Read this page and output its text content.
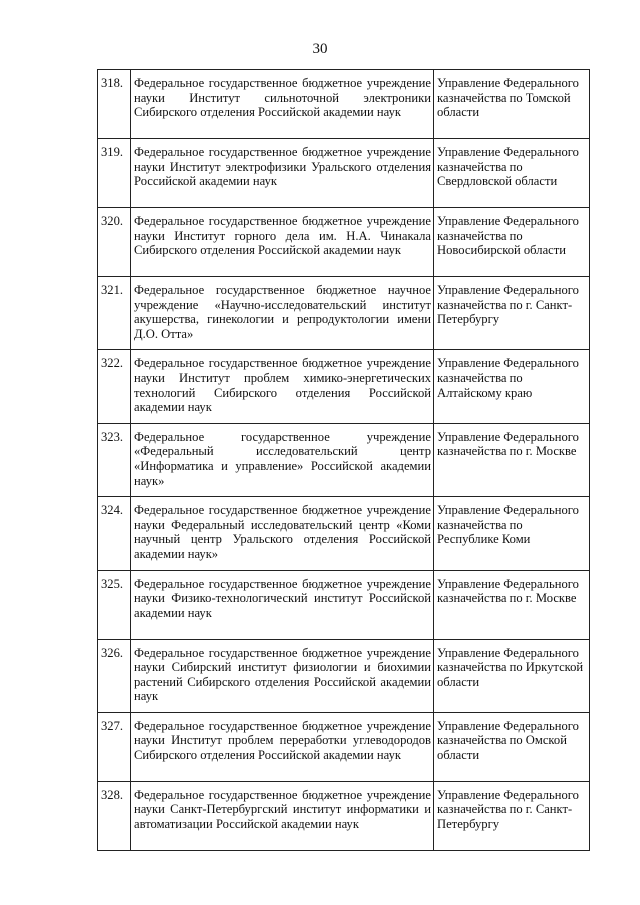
30
318.	Федеральное государственное бюджетное учреждение науки Институт сильноточной электроники Сибирского отделения Российской академии наук	Управление Федерального казначейства по Томской области
319.	Федеральное государственное бюджетное учреждение науки Институт электрофизики Уральского отделения Российской академии наук	Управление Федерального казначейства по Свердловской области
320.	Федеральное государственное бюджетное учреждение науки Институт горного дела им. Н.А. Чинакала Сибирского отделения Российской академии наук	Управление Федерального казначейства по Новосибирской области
321.	Федеральное государственное бюджетное научное учреждение «Научно-исследовательский институт акушерства, гинекологии и репродуктологии имени Д.О. Отта»	Управление Федерального казначейства по г. Санкт-Петербургу
322.	Федеральное государственное бюджетное учреждение науки Институт проблем химико-энергетических технологий Сибирского отделения Российской академии наук	Управление Федерального казначейства по Алтайскому краю
323.	Федеральное государственное учреждение «Федеральный исследовательский центр «Информатика и управление» Российской академии наук»	Управление Федерального казначейства по г. Москве
324.	Федеральное государственное бюджетное учреждение науки Федеральный исследовательский центр «Коми научный центр Уральского отделения Российской академии наук»	Управление Федерального казначейства по Республике Коми
325.	Федеральное государственное бюджетное учреждение науки Физико-технологический институт Российской академии наук	Управление Федерального казначейства по г. Москве
326.	Федеральное государственное бюджетное учреждение науки Сибирский институт физиологии и биохимии растений Сибирского отделения Российской академии наук	Управление Федерального казначейства по Иркутской области
327.	Федеральное государственное бюджетное учреждение науки Институт проблем переработки углеводородов Сибирского отделения Российской академии наук	Управление Федерального казначейства по Омской области
328.	Федеральное государственное бюджетное учреждение науки Санкт-Петербургский институт информатики и автоматизации Российской академии наук	Управление Федерального казначейства по г. Санкт-Петербургу
